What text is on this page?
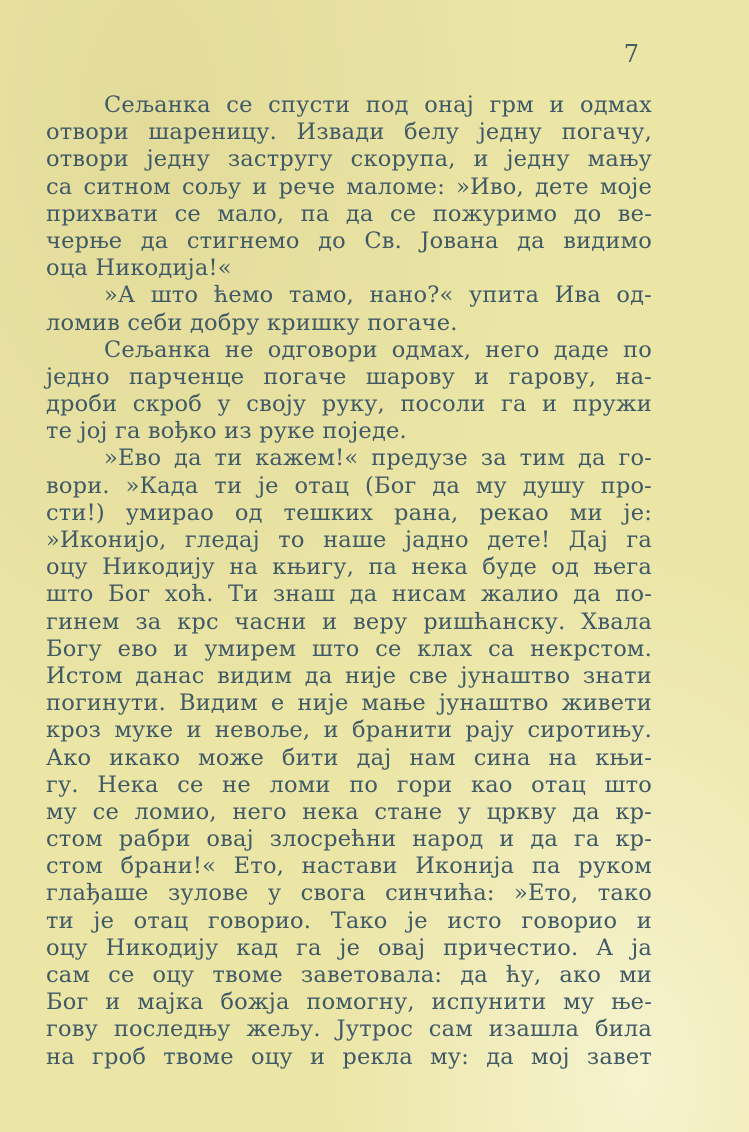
7
Сељанка се спусти под онај грм и одмах
отвори шареницу. Извади белу једну погачу,
отвори једну застругу скорупа, и једну мању
са ситном сољу и рече маломе: »Иво, дете моје
прихвати се мало, па да се пожуримо до ве-
черње да стигнемо до Св. Јована да видимо
оца Никодија!«
»А што ћемо тамо, нано?« упита Ива од-
ломив себи добру кришку погаче.
Сељанка не одговори одмах, него даде по
једно парченце погаче шарову и гарову, на-
дроби скроб у своју руку, посоли га и пружи
те јој га вођко из руке поједе.
»Ево да ти кажем!« предузе за тим да го-
вори. »Када ти је отац (Бог да му душу про-
сти!) умирао од тешких рана, рекао ми је:
»Иконијо, гледај то наше јадно дете! Дај га
оцу Никодију на књигу, па нека буде од њега
што Бог хоћ. Ти знаш да нисам жалио да по-
гинем за крс часни и веру ришћанску. Хвала
Богу ево и умирем што се клах са некрстом.
Истом данас видим да није све јунаштво знати
погинути. Видим е није мање јунаштво живети
кроз муке и невоље, и бранити рају сиротињу.
Ако икако може бити дај нам сина на књи-
гу. Нека се не ломи по гори као отац што
му се ломио, него нека стане у цркву да кр-
стом рабри овај злосрећни народ и да га кр-
стом брани!« Ето, настави Иконија па руком
глађаше зулове у свога синчића: »Ето, тако
ти је отац говорио. Тако је исто говорио и
оцу Никодију кад га је овај причестио. А ја
сам се оцу твоме заветовала: да ћу, ако ми
Бог и мајка божја помогну, испунити му ње-
гову последњу жељу. Јутрос сам изашла била
на гроб твоме оцу и рекла му: да мој завет
